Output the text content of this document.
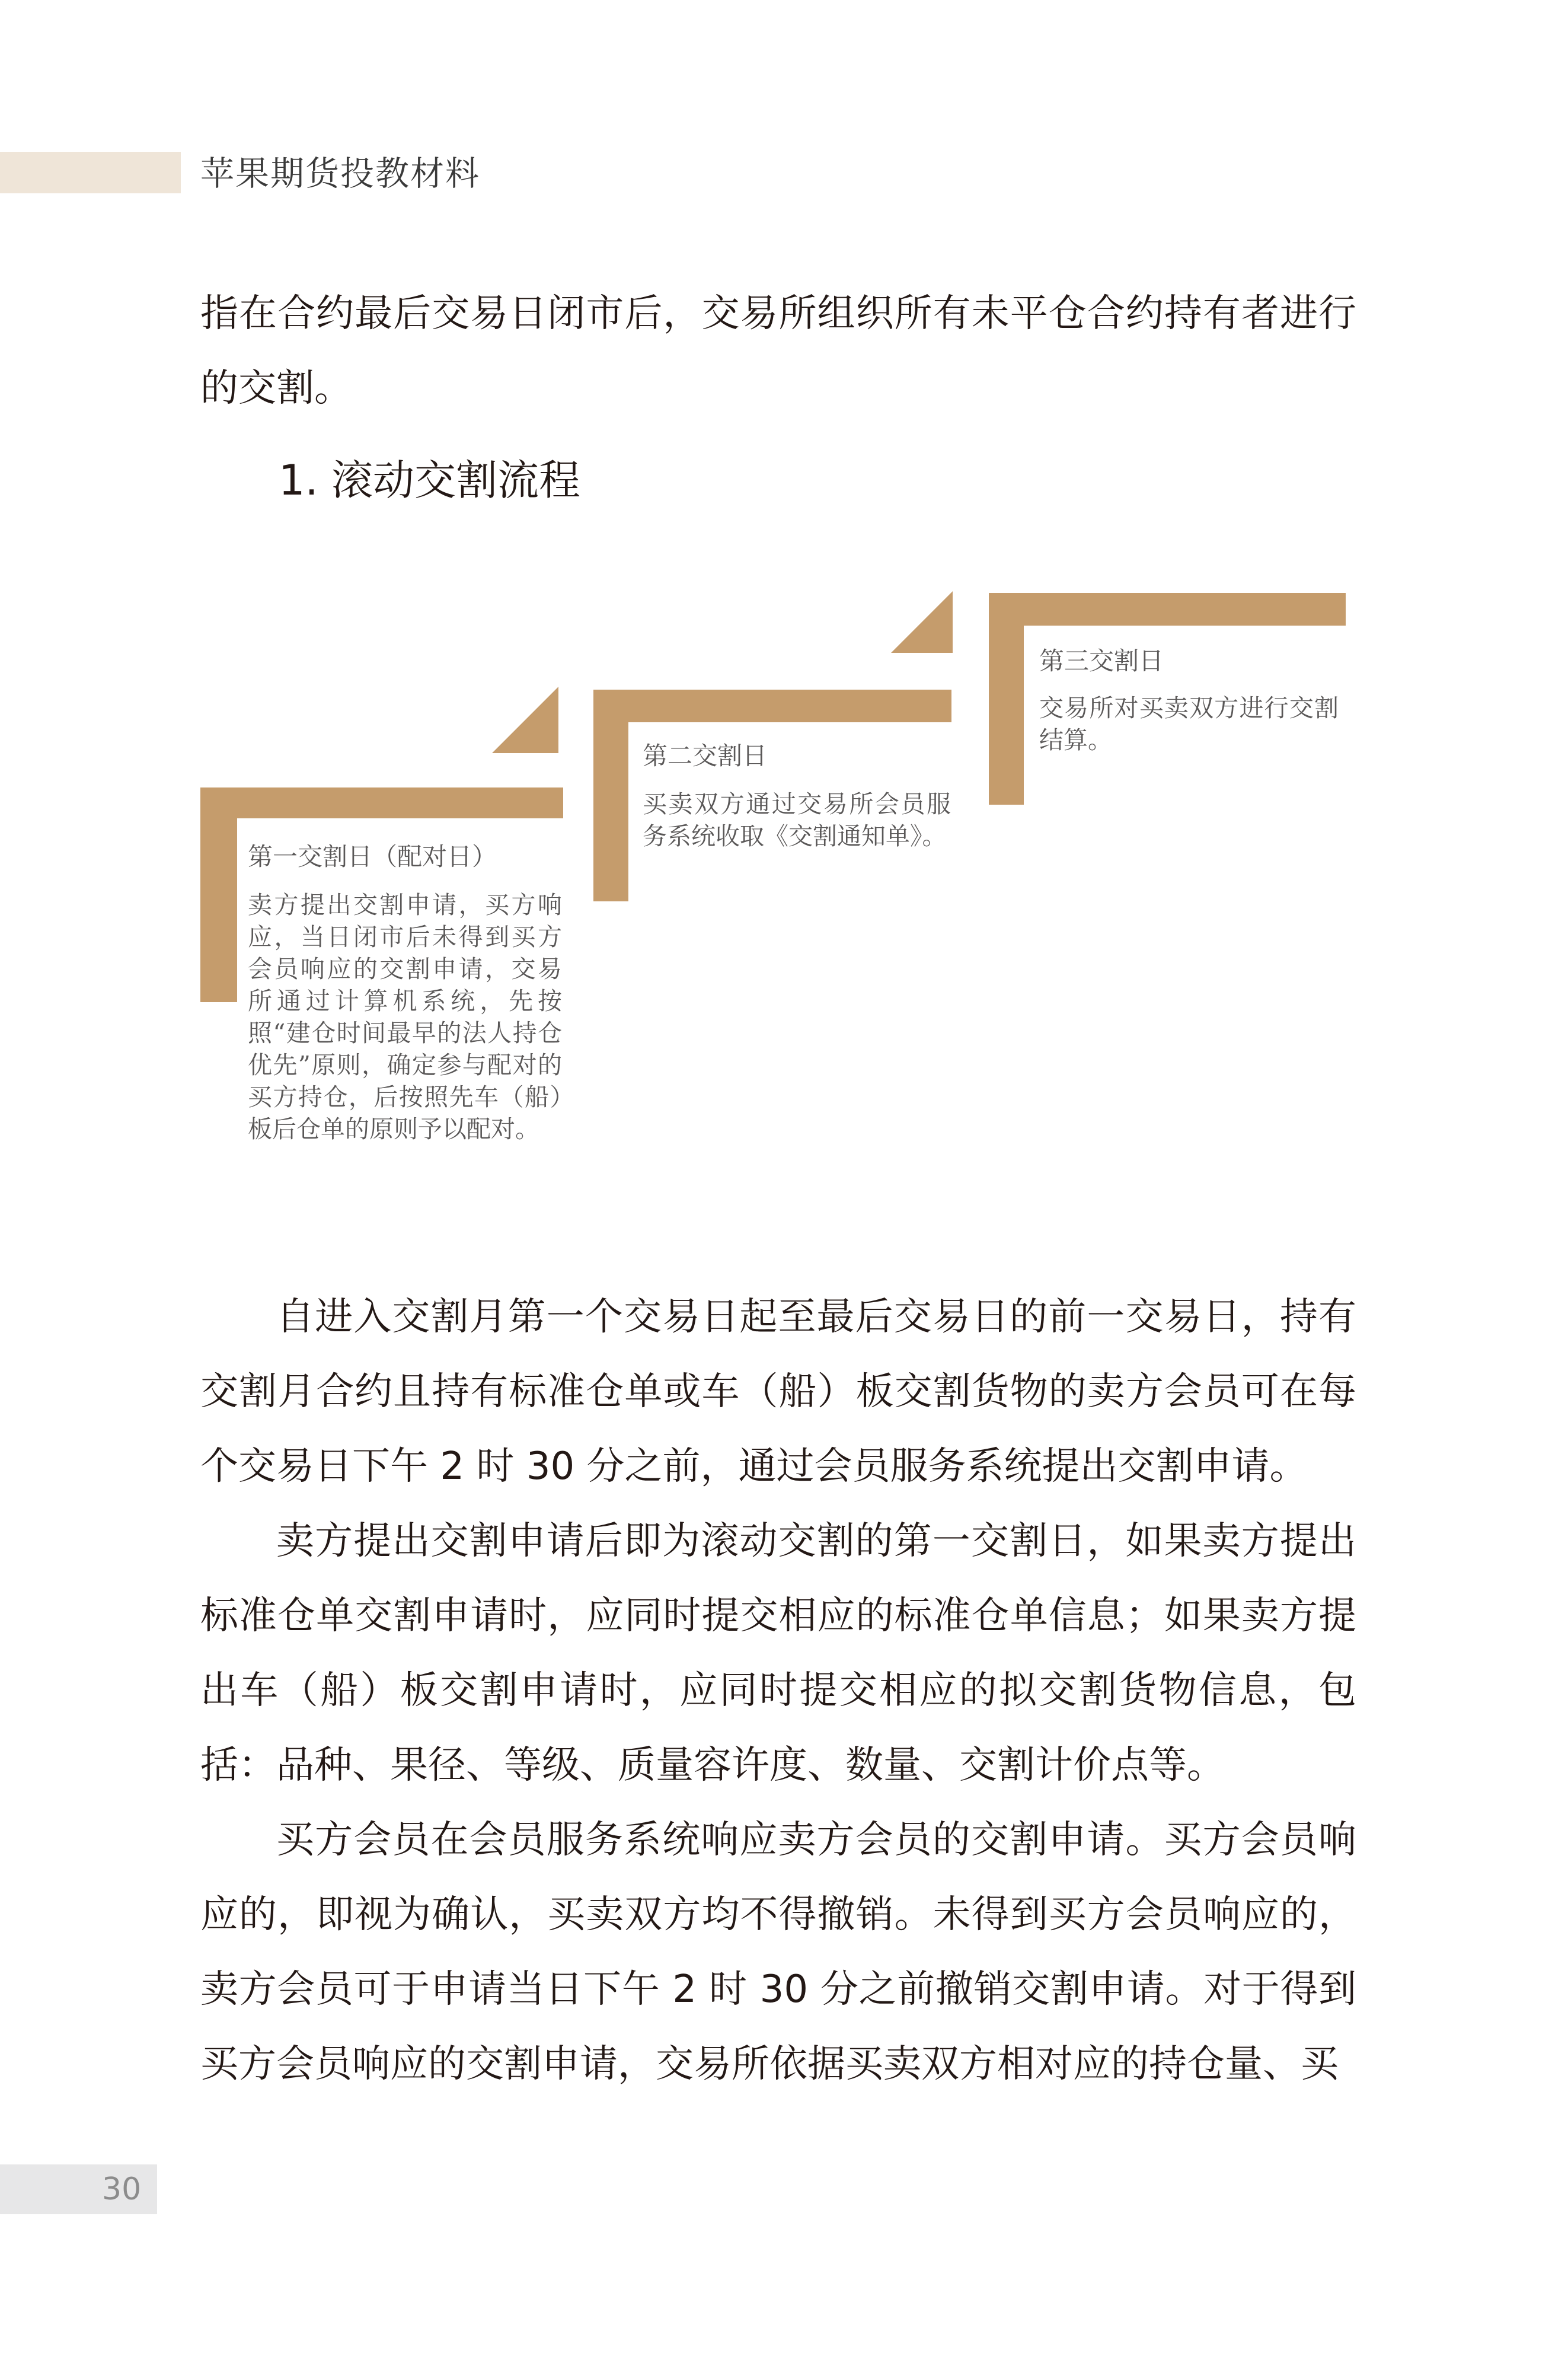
苹果期货投教材料

指在合约最后交易日闭市后，交易所组织所有未平仓合约持有者进行的交割。

1. 滚动交割流程
第一交割日（配对日）
卖方提出交割申请，买方响应，当日闭市后未得到买方会员响应的交割申请，交易所通过计算机系统，先按照“建仓时间最早的法人持仓优先”原则，确定参与配对的买方持仓，后按照先车（船）板后仓单的原则予以配对。
第二交割日
买卖双方通过交易所会员服务系统收取《交割通知单》。
第三交割日
交易所对买卖双方进行交割结算。

自进入交割月第一个交易日起至最后交易日的前一交易日，持有交割月合约且持有标准仓单或车（船）板交割货物的卖方会员可在每个交易日下午 2 时 30 分之前，通过会员服务系统提出交割申请。

卖方提出交割申请后即为滚动交割的第一交割日，如果卖方提出标准仓单交割申请时，应同时提交相应的标准仓单信息；如果卖方提出车（船）板交割申请时，应同时提交相应的拟交割货物信息，包括：品种、果径、等级、质量容许度、数量、交割计价点等。

买方会员在会员服务系统响应卖方会员的交割申请。买方会员响应的，即视为确认，买卖双方均不得撤销。未得到买方会员响应的，卖方会员可于申请当日下午 2 时 30 分之前撤销交割申请。对于得到买方会员响应的交割申请，交易所依据买卖双方相对应的持仓量、买

30
